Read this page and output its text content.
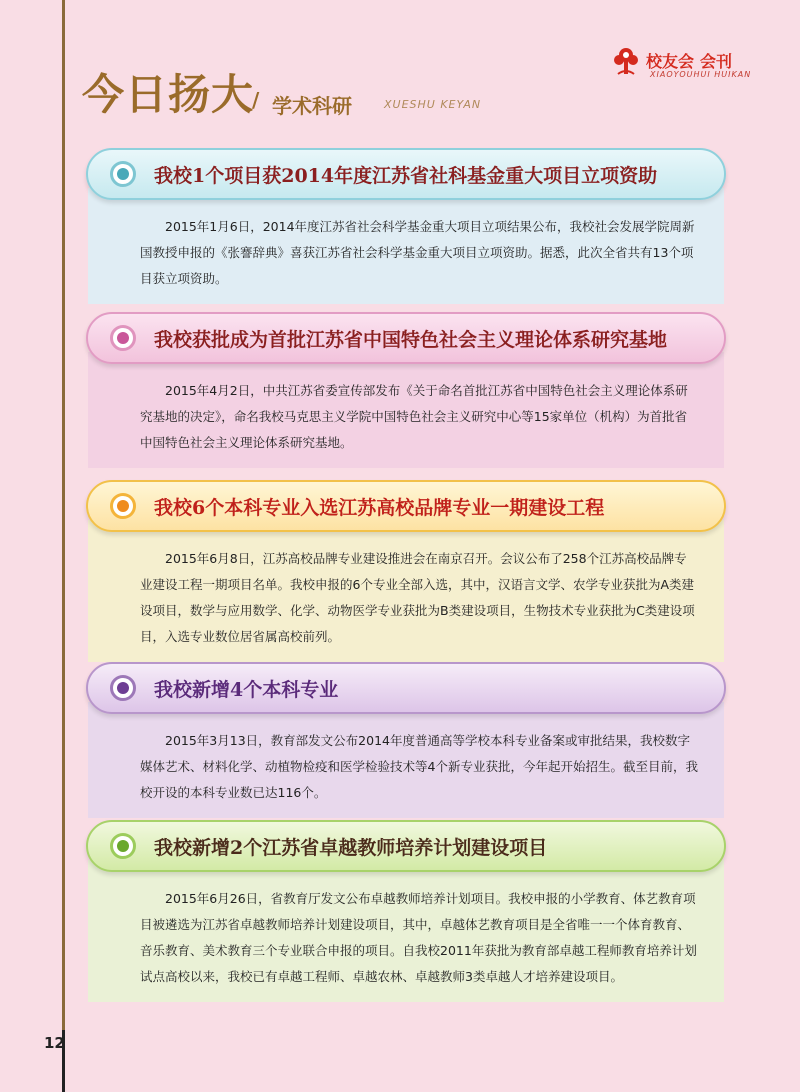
今日扬大
/ 学术科研	XUESHU KEYAN
校友会 会刊
XIAOYOUHUI HUIKAN
我校1个项目获2014年度江苏省社科基金重大项目立项资助
2015年1月6日，2014年度江苏省社会科学基金重大项目立项结果公布，我校社会发展学院周新国教授申报的《张謇辞典》喜获江苏省社会科学基金重大项目立项资助。据悉，此次全省共有13个项目获立项资助。
我校获批成为首批江苏省中国特色社会主义理论体系研究基地
2015年4月2日，中共江苏省委宣传部发布《关于命名首批江苏省中国特色社会主义理论体系研究基地的决定》，命名我校马克思主义学院中国特色社会主义研究中心等15家单位（机构）为首批省中国特色社会主义理论体系研究基地。
我校6个本科专业入选江苏高校品牌专业一期建设工程
2015年6月8日，江苏高校品牌专业建设推进会在南京召开。会议公布了258个江苏高校品牌专业建设工程一期项目名单。我校申报的6个专业全部入选，其中，汉语言文学、农学专业获批为A类建设项目，数学与应用数学、化学、动物医学专业获批为B类建设项目，生物技术专业获批为C类建设项目，入选专业数位居省属高校前列。
我校新增4个本科专业
2015年3月13日，教育部发文公布2014年度普通高等学校本科专业备案或审批结果，我校数字媒体艺术、材料化学、动植物检疫和医学检验技术等4个新专业获批，今年起开始招生。截至目前，我校开设的本科专业数已达116个。
我校新增2个江苏省卓越教师培养计划建设项目
2015年6月26日，省教育厅发文公布卓越教师培养计划项目。我校申报的小学教育、体艺教育项目被遴选为江苏省卓越教师培养计划建设项目，其中，卓越体艺教育项目是全省唯一一个体育教育、音乐教育、美术教育三个专业联合申报的项目。自我校2011年获批为教育部卓越工程师教育培养计划试点高校以来，我校已有卓越工程师、卓越农林、卓越教师3类卓越人才培养建设项目。
12
